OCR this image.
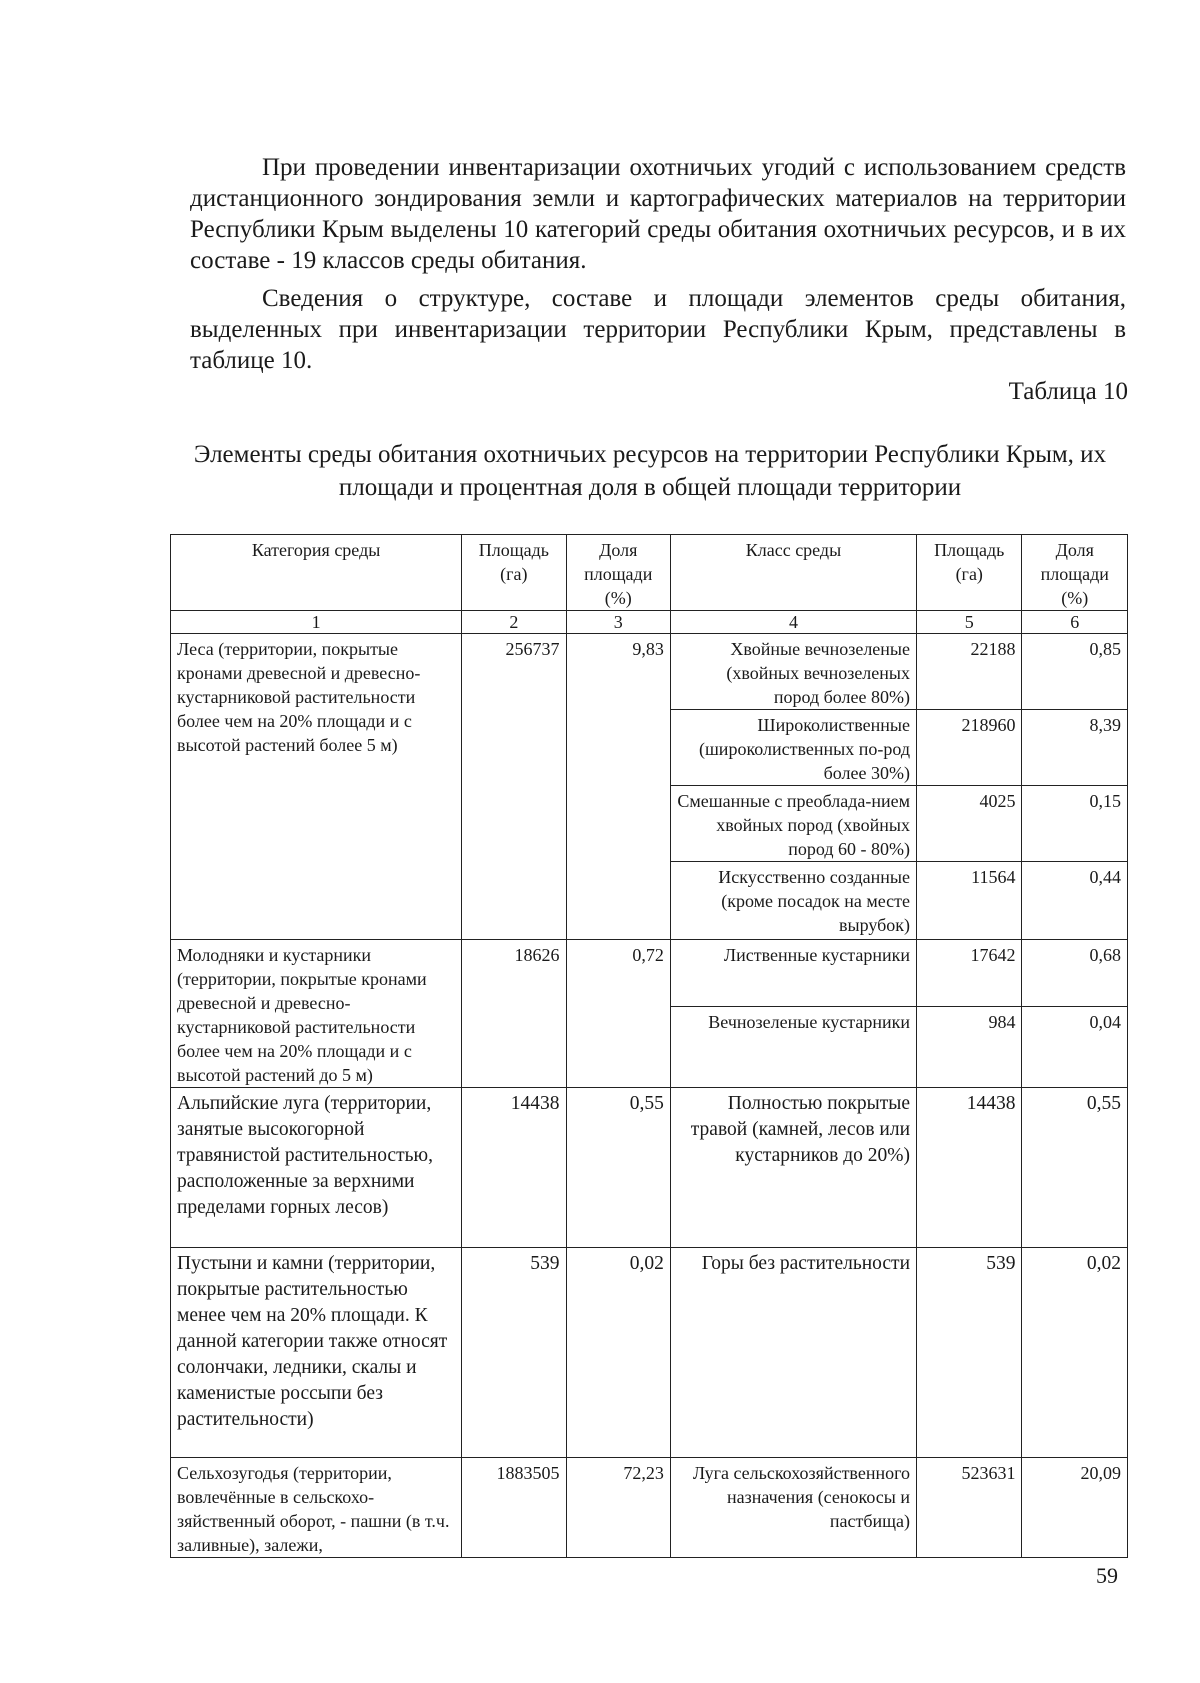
При проведении инвентаризации охотничьих угодий с использованием средств дистанционного зондирования земли и картографических материалов на территории Республики Крым выделены 10 категорий среды обитания охотничьих ресурсов, и в их составе - 19 классов среды обитания.

Сведения о структуре, составе и площади элементов среды обитания, выделенных при инвентаризации территории Республики Крым, представлены в таблице 10.

Таблица 10

Элементы среды обитания охотничьих ресурсов на территории Республики Крым, их площади и процентная доля в общей площади территории

Категория среды	Площадь (га)	Доля площади (%)	Класс среды	Площадь (га)	Доля площади (%)
1	2	3	4	5	6
Леса (территории, покрытые кронами древесной и древесно-кустарниковой растительности более чем на 20% площади и с высотой растений более 5 м)	256737	9,83	Хвойные вечнозеленые (хвойных вечнозеленых пород более 80%)	22188	0,85
			Широколиственные (широколиственных по-род более 30%)	218960	8,39
			Смешанные с преоблада-нием хвойных пород (хвойных пород 60 - 80%)	4025	0,15
			Искусственно созданные (кроме посадок на месте вырубок)	11564	0,44
Молодняки и кустарники (территории, покрытые кронами древесной и древесно-кустарниковой растительности более чем на 20% площади и с высотой растений до 5 м)	18626	0,72	Лиственные кустарники	17642	0,68
			Вечнозеленые кустарники	984	0,04
Альпийские луга (территории, занятые высокогорной травянистой растительностью, расположенные за верхними пределами горных лесов)	14438	0,55	Полностью покрытые травой (камней, лесов или кустарников до 20%)	14438	0,55
Пустыни и камни (территории, покрытые растительностью менее чем на 20% площади. К данной категории также относят солончаки, ледники, скалы и каменистые россыпи без растительности)	539	0,02	Горы без растительности	539	0,02
Сельхозугодья (территории, вовлечённые в сельскохо-зяйственный оборот, - пашни (в т.ч. заливные), залежи,	1883505	72,23	Луга сельскохозяйственного назначения (сенокосы и пастбища)	523631	20,09

59
